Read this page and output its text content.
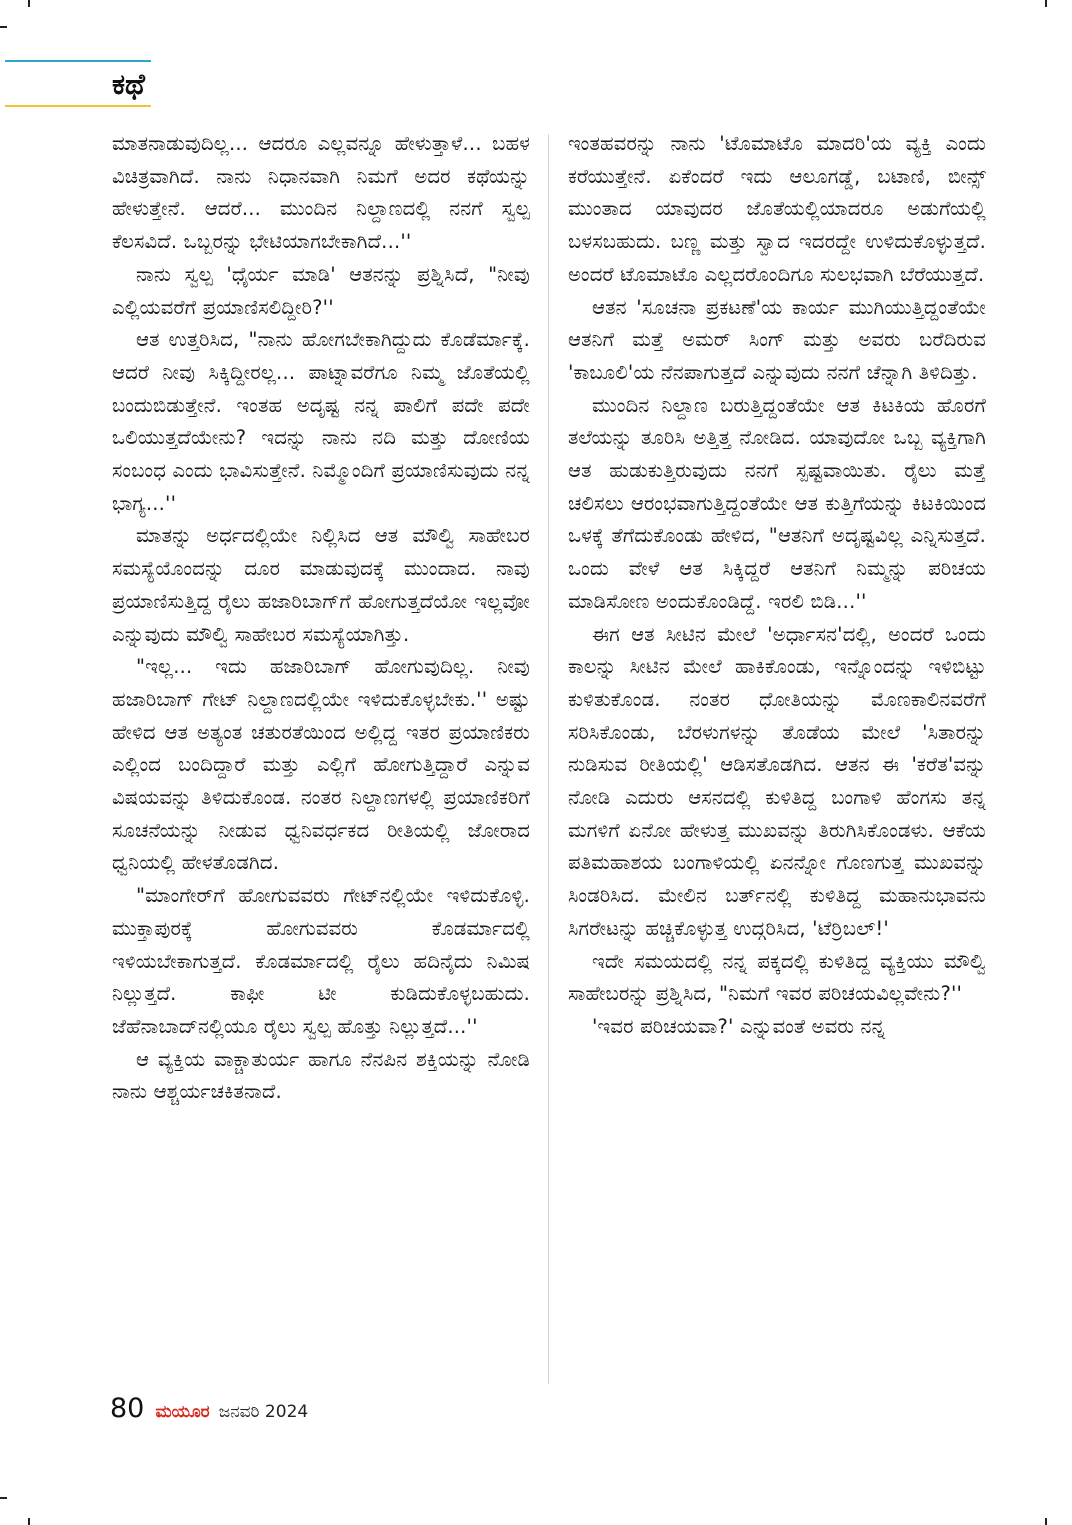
ಕಥೆ

ಮಾತನಾಡುವುದಿಲ್ಲ... ಆದರೂ ಎಲ್ಲವನ್ನೂ ಹೇಳುತ್ತಾಳೆ... ಬಹಳ ವಿಚಿತ್ರವಾಗಿದೆ. ನಾನು ನಿಧಾನವಾಗಿ ನಿಮಗೆ ಅದರ ಕಥೆಯನ್ನು ಹೇಳುತ್ತೇನೆ. ಆದರೆ... ಮುಂದಿನ ನಿಲ್ದಾಣದಲ್ಲಿ ನನಗೆ ಸ್ವಲ್ಪ ಕೆಲಸವಿದೆ. ಒಬ್ಬರನ್ನು ಭೇಟಿಯಾಗಬೇಕಾಗಿದೆ...''

ನಾನು ಸ್ವಲ್ಪ 'ಧೈರ್ಯ ಮಾಡಿ' ಆತನನ್ನು ಪ್ರಶ್ನಿಸಿದೆ, "ನೀವು ಎಲ್ಲಿಯವರೆಗೆ ಪ್ರಯಾಣಿಸಲಿದ್ದೀರಿ?''

ಆತ ಉತ್ತರಿಸಿದ, "ನಾನು ಹೋಗಬೇಕಾಗಿದ್ದುದು ಕೊಡೆರ್ಮಾಕ್ಕೆ. ಆದರೆ ನೀವು ಸಿಕ್ಕಿದ್ದೀರಲ್ಲ... ಪಾಟ್ನಾವರೆಗೂ ನಿಮ್ಮ ಜೊತೆಯಲ್ಲಿ ಬಂದುಬಿಡುತ್ತೇನೆ. ಇಂತಹ ಅದೃಷ್ಟ ನನ್ನ ಪಾಲಿಗೆ ಪದೇ ಪದೇ ಒಲಿಯುತ್ತದೆಯೇನು? ಇದನ್ನು ನಾನು ನದಿ ಮತ್ತು ದೋಣಿಯ ಸಂಬಂಧ ಎಂದು ಭಾವಿಸುತ್ತೇನೆ. ನಿಮ್ಮೊಂದಿಗೆ ಪ್ರಯಾಣಿಸುವುದು ನನ್ನ ಭಾಗ್ಯ...''

ಮಾತನ್ನು ಅರ್ಧದಲ್ಲಿಯೇ ನಿಲ್ಲಿಸಿದ ಆತ ಮೌಲ್ವಿ ಸಾಹೇಬರ ಸಮಸ್ಯೆಯೊಂದನ್ನು ದೂರ ಮಾಡುವುದಕ್ಕೆ ಮುಂದಾದ. ನಾವು ಪ್ರಯಾಣಿಸುತ್ತಿದ್ದ ರೈಲು ಹಜಾರಿಬಾಗ್‌ಗೆ ಹೋಗುತ್ತದೆಯೋ ಇಲ್ಲವೋ ಎನ್ನುವುದು ಮೌಲ್ವಿ ಸಾಹೇಬರ ಸಮಸ್ಯೆಯಾಗಿತ್ತು.

"ಇಲ್ಲ... ಇದು ಹಜಾರಿಬಾಗ್ ಹೋಗುವುದಿಲ್ಲ. ನೀವು ಹಜಾರಿಬಾಗ್ ಗೇಟ್ ನಿಲ್ದಾಣದಲ್ಲಿಯೇ ಇಳಿದುಕೊಳ್ಳಬೇಕು.'' ಅಷ್ಟು ಹೇಳಿದ ಆತ ಅತ್ಯಂತ ಚತುರತೆಯಿಂದ ಅಲ್ಲಿದ್ದ ಇತರ ಪ್ರಯಾಣಿಕರು ಎಲ್ಲಿಂದ ಬಂದಿದ್ದಾರೆ ಮತ್ತು ಎಲ್ಲಿಗೆ ಹೋಗುತ್ತಿದ್ದಾರೆ ಎನ್ನುವ ವಿಷಯವನ್ನು ತಿಳಿದುಕೊಂಡ. ನಂತರ ನಿಲ್ದಾಣಗಳಲ್ಲಿ ಪ್ರಯಾಣಿಕರಿಗೆ ಸೂಚನೆಯನ್ನು ನೀಡುವ ಧ್ವನಿವರ್ಧಕದ ರೀತಿಯಲ್ಲಿ ಜೋರಾದ ಧ್ವನಿಯಲ್ಲಿ ಹೇಳತೊಡಗಿದ.

"ಮಾಂಗೇರ್‌ಗೆ ಹೋಗುವವರು ಗೇಟ್‌ನಲ್ಲಿಯೇ ಇಳಿದುಕೊಳ್ಳಿ. ಮುಕ್ತಾಪುರಕ್ಕೆ ಹೋಗುವವರು ಕೊಡರ್ಮಾದಲ್ಲಿ ಇಳಿಯಬೇಕಾಗುತ್ತದೆ. ಕೊಡರ್ಮಾದಲ್ಲಿ ರೈಲು ಹದಿನೈದು ನಿಮಿಷ ನಿಲ್ಲುತ್ತದೆ. ಕಾಫೀ ಟೀ ಕುಡಿದುಕೊಳ್ಳಬಹುದು. ಜೆಹೆನಾಬಾದ್‌ನಲ್ಲಿಯೂ ರೈಲು ಸ್ವಲ್ಪ ಹೊತ್ತು ನಿಲ್ಲುತ್ತದೆ...''

ಆ ವ್ಯಕ್ತಿಯ ವಾಕ್ಚಾತುರ್ಯ ಹಾಗೂ ನೆನಪಿನ ಶಕ್ತಿಯನ್ನು ನೋಡಿ ನಾನು ಆಶ್ಚರ್ಯಚಕಿತನಾದೆ.

ಇಂತಹವರನ್ನು ನಾನು 'ಟೊಮಾಟೊ ಮಾದರಿ'ಯ ವ್ಯಕ್ತಿ ಎಂದು ಕರೆಯುತ್ತೇನೆ. ಏಕೆಂದರೆ ಇದು ಆಲೂಗಡ್ಡೆ, ಬಟಾಣಿ, ಬೀನ್ಸ್ ಮುಂತಾದ ಯಾವುದರ ಜೊತೆಯಲ್ಲಿಯಾದರೂ ಅಡುಗೆಯಲ್ಲಿ ಬಳಸಬಹುದು. ಬಣ್ಣ ಮತ್ತು ಸ್ವಾದ ಇದರದ್ದೇ ಉಳಿದುಕೊಳ್ಳುತ್ತದೆ. ಅಂದರೆ ಟೊಮಾಟೊ ಎಲ್ಲದರೊಂದಿಗೂ ಸುಲಭವಾಗಿ ಬೆರೆಯುತ್ತದೆ.

ಆತನ 'ಸೂಚನಾ ಪ್ರಕಟಣೆ'ಯ ಕಾರ್ಯ ಮುಗಿಯುತ್ತಿದ್ದಂತೆಯೇ ಆತನಿಗೆ ಮತ್ತೆ ಅಮರ್ ಸಿಂಗ್ ಮತ್ತು ಅವರು ಬರೆದಿರುವ 'ಕಾಬೂಲಿ'ಯ ನೆನಪಾಗುತ್ತದೆ ಎನ್ನುವುದು ನನಗೆ ಚೆನ್ನಾಗಿ ತಿಳಿದಿತ್ತು.

ಮುಂದಿನ ನಿಲ್ದಾಣ ಬರುತ್ತಿದ್ದಂತೆಯೇ ಆತ ಕಿಟಕಿಯ ಹೊರಗೆ ತಲೆಯನ್ನು ತೂರಿಸಿ ಅತ್ತಿತ್ತ ನೋಡಿದ. ಯಾವುದೋ ಒಬ್ಬ ವ್ಯಕ್ತಿಗಾಗಿ ಆತ ಹುಡುಕುತ್ತಿರುವುದು ನನಗೆ ಸ್ಪಷ್ಟವಾಯಿತು. ರೈಲು ಮತ್ತೆ ಚಲಿಸಲು ಆರಂಭವಾಗುತ್ತಿದ್ದಂತೆಯೇ ಆತ ಕುತ್ತಿಗೆಯನ್ನು ಕಿಟಕಿಯಿಂದ ಒಳಕ್ಕೆ ತೆಗೆದುಕೊಂಡು ಹೇಳಿದ, "ಆತನಿಗೆ ಅದೃಷ್ಟವಿಲ್ಲ ಎನ್ನಿಸುತ್ತದೆ. ಒಂದು ವೇಳೆ ಆತ ಸಿಕ್ಕಿದ್ದರೆ ಆತನಿಗೆ ನಿಮ್ಮನ್ನು ಪರಿಚಯ ಮಾಡಿಸೋಣ ಅಂದುಕೊಂಡಿದ್ದೆ. ಇರಲಿ ಬಿಡಿ...''

ಈಗ ಆತ ಸೀಟಿನ ಮೇಲೆ 'ಅರ್ಧಾಸನ'ದಲ್ಲಿ, ಅಂದರೆ ಒಂದು ಕಾಲನ್ನು ಸೀಟಿನ ಮೇಲೆ ಹಾಕಿಕೊಂಡು, ಇನ್ನೊಂದನ್ನು ಇಳಿಬಿಟ್ಟು ಕುಳಿತುಕೊಂಡ. ನಂತರ ಧೋತಿಯನ್ನು ಮೊಣಕಾಲಿನವರೆಗೆ ಸರಿಸಿಕೊಂಡು, ಬೆರಳುಗಳನ್ನು ತೊಡೆಯ ಮೇಲೆ 'ಸಿತಾರನ್ನು ನುಡಿಸುವ ರೀತಿಯಲ್ಲಿ' ಆಡಿಸತೊಡಗಿದ. ಆತನ ಈ 'ಕರೆತ'ವನ್ನು ನೋಡಿ ಎದುರು ಆಸನದಲ್ಲಿ ಕುಳಿತಿದ್ದ ಬಂಗಾಳಿ ಹೆಂಗಸು ತನ್ನ ಮಗಳಿಗೆ ಏನೋ ಹೇಳುತ್ತ ಮುಖವನ್ನು ತಿರುಗಿಸಿಕೊಂಡಳು. ಆಕೆಯ ಪತಿಮಹಾಶಯ ಬಂಗಾಳಿಯಲ್ಲಿ ಏನನ್ನೋ ಗೊಣಗುತ್ತ ಮುಖವನ್ನು ಸಿಂಡರಿಸಿದ. ಮೇಲಿನ ಬರ್ತ್‌ನಲ್ಲಿ ಕುಳಿತಿದ್ದ ಮಹಾನುಭಾವನು ಸಿಗರೇಟನ್ನು ಹಚ್ಚಿಕೊಳ್ಳುತ್ತ ಉದ್ಗರಿಸಿದ, 'ಟೆರ್ರಿಬಲ್!'

ಇದೇ ಸಮಯದಲ್ಲಿ ನನ್ನ ಪಕ್ಕದಲ್ಲಿ ಕುಳಿತಿದ್ದ ವ್ಯಕ್ತಿಯು ಮೌಲ್ವಿ ಸಾಹೇಬರನ್ನು ಪ್ರಶ್ನಿಸಿದ, "ನಿಮಗೆ ಇವರ ಪರಿಚಯವಿಲ್ಲವೇನು?''

'ಇವರ ಪರಿಚಯವಾ?' ಎನ್ನುವಂತೆ ಅವರು ನನ್ನ

80 ಮಯೂರ ಜನವರಿ 2024
